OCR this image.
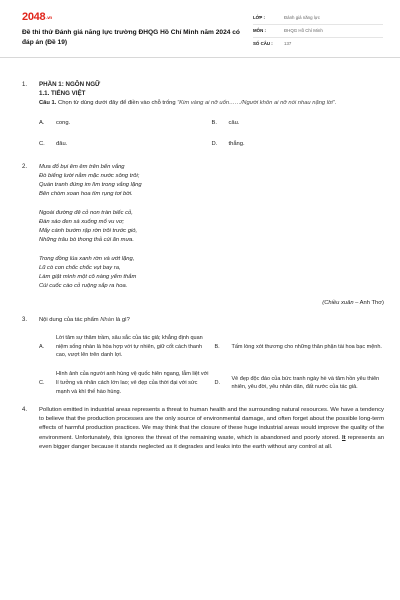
2048.vn
Đề thi thử Đánh giá năng lực trường ĐHQG Hồ Chí Minh năm 2024 có đáp án (Đề 19)
LỚP :	Đánh giá năng lực
MÔN :	ĐHQG Hồ Chí Minh
SỐ CÂU :	137
1.	PHẦN 1: NGÔN NGỮ
1.1. TIẾNG VIỆT
Câu 1. Chọn từ dùng dưới đây để điền vào chỗ trống “Kim vàng ai nỡ uốn……/Người khôn ai nỡ nói nhau nặng lời”.
A.	cong.	B.	câu.
C.	đâu.	D.	thẳng.
2.	Mưa đổ bụi êm êm trên bến vắng
Đò biếng lười nằm mặc nước sông trôi;
Quán tranh đứng im lìm trong vắng lặng
Bên chòm xoan hoa tím rụng tơi bời.
Ngoài đường đê cỏ non tràn biếc cỏ,
Đàn sáo đen sà xuống mổ vu vơ;
Mấy cánh bướm rập rờn trôi trước gió,
Những trâu bò thong thả cúi ăn mưa.
Trong đồng lúa xanh rờn và ướt lặng,
Lũ cò con chốc chốc vụt bay ra,
Làm giật mình một cô nàng yếm thắm
Cúi cuốc cào cỏ ruộng sắp ra hoa.
(Chiều xuân – Anh Thơ)
3.	Nội dung của tác phẩm Nhàn là gì?
A.
Lời tâm sự thâm trầm, sâu sắc của tác giả; khẳng định quan niệm sống nhàn là hòa hợp với tự nhiên, giữ cốt cách thanh cao, vượt lên trên danh lợi.
B.	Tấm lòng xót thương cho những thân phận tài hoa bạc mệnh.
C.
Hình ảnh của người anh hùng vệ quốc hiên ngang, lẫm liệt với lí tưởng và nhân cách lớn lao; vẻ đẹp của thời đại với sức mạnh và khí thế hào hùng.
D.
Vẻ đẹp độc đáo của bức tranh ngày hè và tâm hồn yêu thiên nhiên, yêu đời, yêu nhân dân, đất nước của tác giả.
4.	Pollution emitted in industrial areas represents a threat to human health and the surrounding natural resources. We have a tendency to believe that the production processes are the only source of environmental damage, and often forget about the possible long-term effects of harmful production practices. We may think that the closure of these huge industrial areas would improve the quality of the environment. Unfortunately, this ignores the threat of the remaining waste, which is abandoned and poorly stored. It represents an even bigger danger because it stands neglected as it degrades and leaks into the earth without any control at all.
